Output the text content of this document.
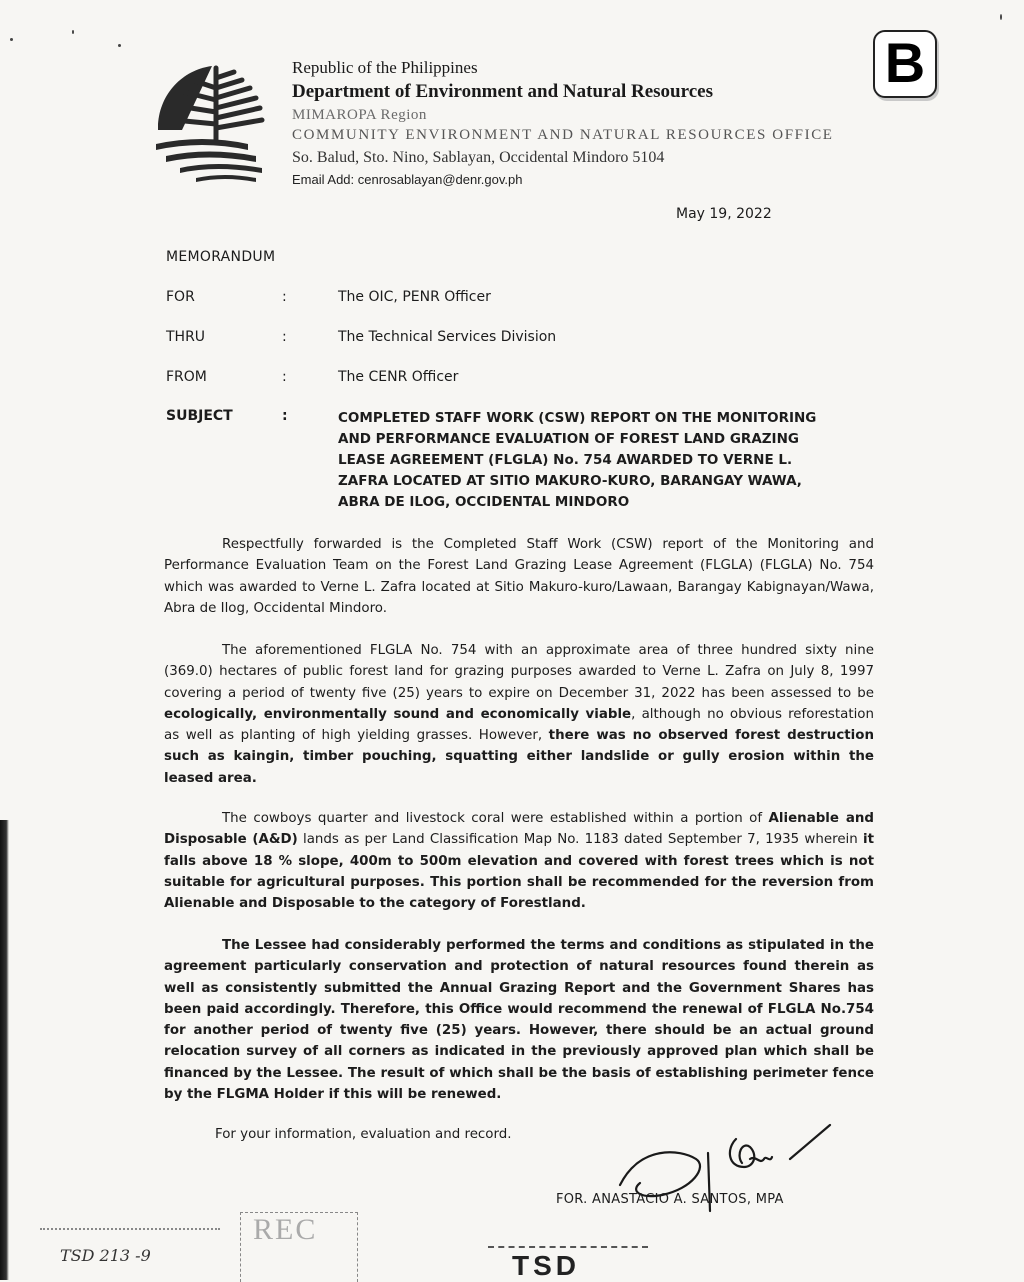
Republic of the Philippines
Department of Environment and Natural Resources
MIMAROPA Region
COMMUNITY ENVIRONMENT AND NATURAL RESOURCES OFFICE
So. Balud, Sto. Nino, Sablayan, Occidental Mindoro 5104
Email Add: cenrosablayan@denr.gov.ph
B
May 19, 2022
MEMORANDUM
FOR	:	The OIC, PENR Officer
THRU	:	The Technical Services Division
FROM	:	The CENR Officer
SUBJECT	:	COMPLETED STAFF WORK (CSW) REPORT ON THE MONITORING AND PERFORMANCE EVALUATION OF FOREST LAND GRAZING LEASE AGREEMENT (FLGLA) No. 754 AWARDED TO VERNE L. ZAFRA LOCATED AT SITIO MAKURO-KURO, BARANGAY WAWA, ABRA DE ILOG, OCCIDENTAL MINDORO
Respectfully forwarded is the Completed Staff Work (CSW) report of the Monitoring and Performance Evaluation Team on the Forest Land Grazing Lease Agreement (FLGLA) (FLGLA) No. 754 which was awarded to Verne L. Zafra located at Sitio Makuro-kuro/Lawaan, Barangay Kabignayan/Wawa, Abra de Ilog, Occidental Mindoro.
The aforementioned FLGLA No. 754 with an approximate area of three hundred sixty nine (369.0) hectares of public forest land for grazing purposes awarded to Verne L. Zafra on July 8, 1997 covering a period of twenty five (25) years to expire on December 31, 2022 has been assessed to be ecologically, environmentally sound and economically viable, although no obvious reforestation as well as planting of high yielding grasses. However, there was no observed forest destruction such as kaingin, timber pouching, squatting either landslide or gully erosion within the leased area.
The cowboys quarter and livestock coral were established within a portion of Alienable and Disposable (A&D) lands as per Land Classification Map No. 1183 dated September 7, 1935 wherein it falls above 18 % slope, 400m to 500m elevation and covered with forest trees which is not suitable for agricultural purposes. This portion shall be recommended for the reversion from Alienable and Disposable to the category of Forestland.
The Lessee had considerably performed the terms and conditions as stipulated in the agreement particularly conservation and protection of natural resources found therein as well as consistently submitted the Annual Grazing Report and the Government Shares has been paid accordingly. Therefore, this Office would recommend the renewal of FLGLA No.754 for another period of twenty five (25) years. However, there should be an actual ground relocation survey of all corners as indicated in the previously approved plan which shall be financed by the Lessee. The result of which shall be the basis of establishing perimeter fence by the FLGMA Holder if this will be renewed.
For your information, evaluation and record.
FOR. ANASTACIO A. SANTOS, MPA
TSD 213 -9
REC
TSD
